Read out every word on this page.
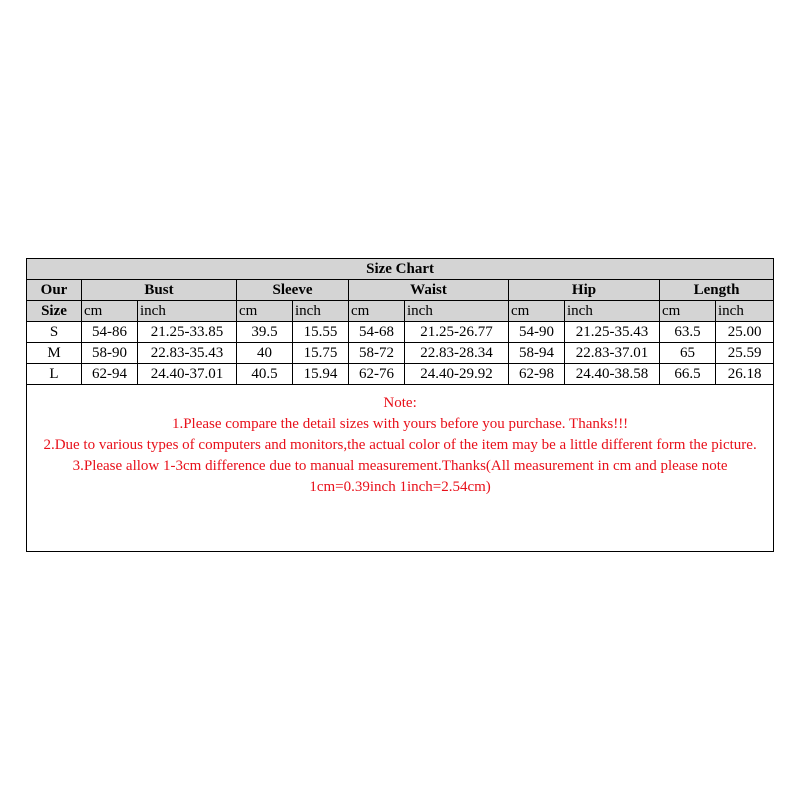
Size Chart										
Our	Bust		Sleeve		Waist		Hip		Length	
Size	cm	inch	cm	inch	cm	inch	cm	inch	cm	inch
S	54-86	21.25-33.85	39.5	15.55	54-68	21.25-26.77	54-90	21.25-35.43	63.5	25.00
M	58-90	22.83-35.43	40	15.75	58-72	22.83-28.34	58-94	22.83-37.01	65	25.59
L	62-94	24.40-37.01	40.5	15.94	62-76	24.40-29.92	62-98	24.40-38.58	66.5	26.18

Note:
1.Please compare the detail sizes with yours before you purchase. Thanks!!!
2.Due to various types of computers and monitors,the actual color of the item may be a little different form the picture.
3.Please allow 1-3cm difference due to manual measurement.Thanks(All measurement in cm and please note 1cm=0.39inch 1inch=2.54cm)										
